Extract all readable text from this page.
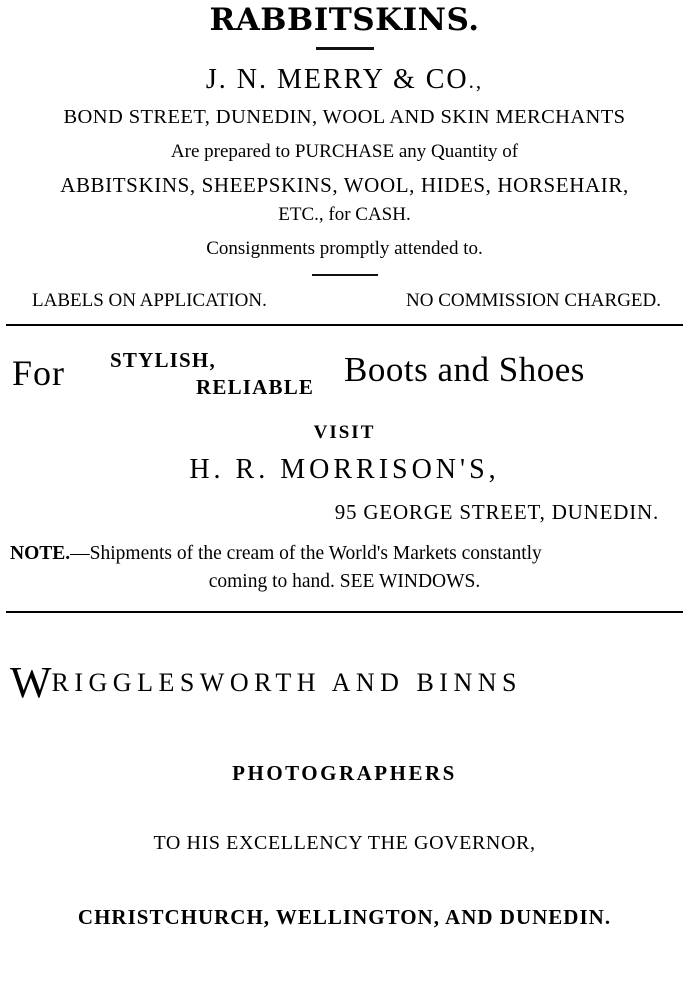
RABBITSKINS.
J. N. MERRY & CO.,
BOND STREET, DUNEDIN, WOOL AND SKIN MERCHANTS
Are prepared to PURCHASE any Quantity of
ABBITSKINS, SHEEPSKINS, WOOL, HIDES, HORSEHAIR,
ETC., for CASH.
Consignments promptly attended to.
LABELS ON APPLICATION.	NO COMMISSION CHARGED.
For STYLISH,
RELIABLE Boots and Shoes
VISIT
H. R. MORRISON'S,
95 GEORGE STREET, DUNEDIN.
NOTE.—Shipments of the cream of the World's Markets constantly
coming to hand. SEE WINDOWS.
WRIGGLESWORTH AND BINNS
PHOTOGRAPHERS
TO HIS EXCELLENCY THE GOVERNOR,
CHRISTCHURCH, WELLINGTON, AND DUNEDIN.
